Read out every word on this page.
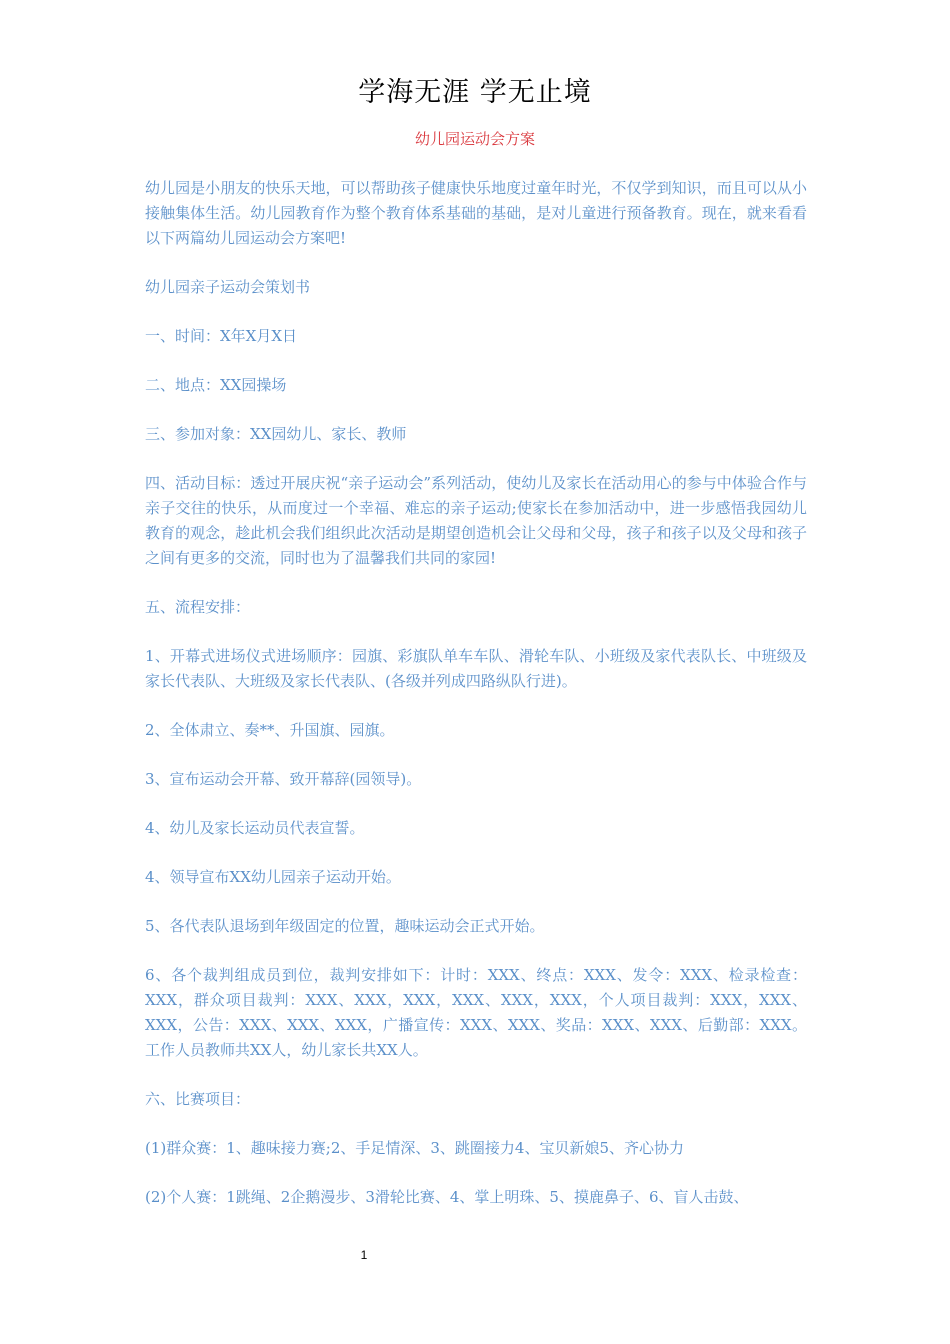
学海无涯 学无止境
幼儿园运动会方案

幼儿园是小朋友的快乐天地，可以帮助孩子健康快乐地度过童年时光，不仅学到知识，而且可以从小接触集体生活。幼儿园教育作为整个教育体系基础的基础，是对儿童进行预备教育。现在，就来看看以下两篇幼儿园运动会方案吧!

幼儿园亲子运动会策划书

一、时间：X年X月X日

二、地点：XX园操场

三、参加对象：XX园幼儿、家长、教师

四、活动目标：透过开展庆祝“亲子运动会”系列活动，使幼儿及家长在活动用心的参与中体验合作与亲子交往的快乐，从而度过一个幸福、难忘的亲子运动;使家长在参加活动中，进一步感悟我园幼儿教育的观念，趁此机会我们组织此次活动是期望创造机会让父母和父母，孩子和孩子以及父母和孩子之间有更多的交流，同时也为了温馨我们共同的家园!

五、流程安排：

1、开幕式进场仪式进场顺序：园旗、彩旗队单车车队、滑轮车队、小班级及家代表队长、中班级及家长代表队、大班级及家长代表队、(各级并列成四路纵队行进)。

2、全体肃立、奏**、升国旗、园旗。

3、宣布运动会开幕、致开幕辞(园领导)。

4、幼儿及家长运动员代表宣誓。

4、领导宣布XX幼儿园亲子运动开始。

5、各代表队退场到年级固定的位置，趣味运动会正式开始。

6、各个裁判组成员到位，裁判安排如下：计时：XXX、终点：XXX、发令：XXX、检录检查：XXX，群众项目裁判：XXX、XXX，XXX，XXX、XXX，XXX，个人项目裁判：XXX，XXX、XXX，公告：XXX、XXX、XXX，广播宣传：XXX、XXX、奖品：XXX、XXX、后勤部：XXX。工作人员教师共XX人，幼儿家长共XX人。

六、比赛项目：

(1)群众赛：1、趣味接力赛;2、手足情深、3、跳圈接力4、宝贝新娘5、齐心协力

(2)个人赛：1跳绳、2企鹅漫步、3滑轮比赛、4、掌上明珠、5、摸鹿鼻子、6、盲人击鼓、

1
